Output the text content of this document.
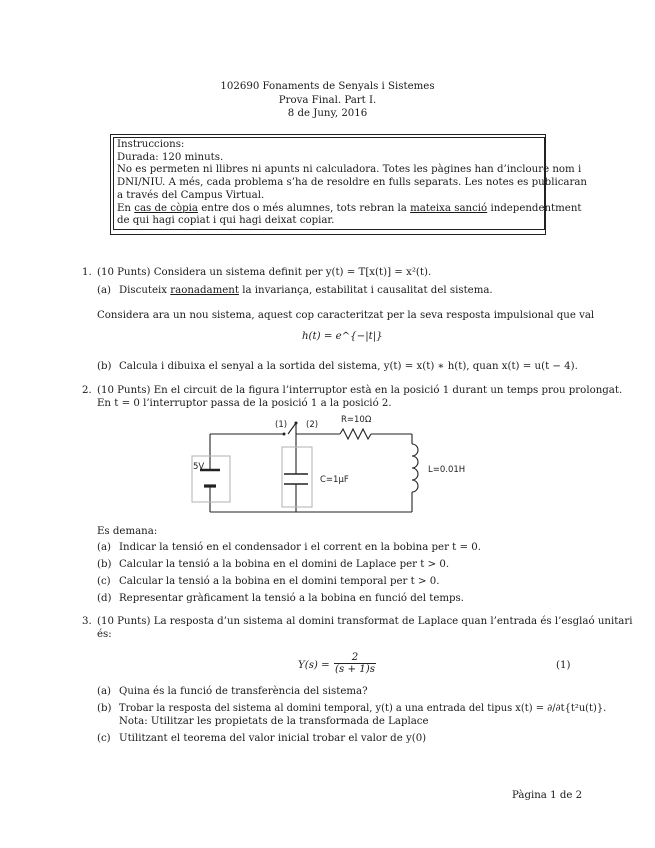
102690 Fonaments de Senyals i Sistemes
Prova Final. Part I.
8 de Juny, 2016
Instruccions:
Durada: 120 minuts.
No es permeten ni llibres ni apunts ni calculadora. Totes les pàgines han d’incloure nom i
DNI/NIU. A més, cada problema s’ha de resoldre en fulls separats. Les notes es publicaran
a través del Campus Virtual.
En cas de còpia entre dos o més alumnes, tots rebran la mateixa sanció independentment
de qui hagi copiat i qui hagi deixat copiar.
1. (10 Punts) Considera un sistema definit per y(t) = T[x(t)] = x²(t).
(a) Discuteix raonadament la invariança, estabilitat i causalitat del sistema.
Considera ara un nou sistema, aquest cop caracteritzat per la seva resposta impulsional que val
h(t) = e^{−|t|}
(b) Calcula i dibuixa el senyal a la sortida del sistema, y(t) = x(t) ∗ h(t), quan x(t) = u(t − 4).
2. (10 Punts) En el circuit de la figura l’interruptor està en la posició 1 durant un temps prou prolongat.
En t = 0 l’interruptor passa de la posició 1 a la posició 2.
(1) (2)	R=10Ω
5V
C=1μF
L=0.01H
Es demana:
(a) Indicar la tensió en el condensador i el corrent en la bobina per t = 0.
(b) Calcular la tensió a la bobina en el domini de Laplace per t > 0.
(c) Calcular la tensió a la bobina en el domini temporal per t > 0.
(d) Representar gràficament la tensió a la bobina en funció del temps.
3. (10 Punts) La resposta d’un sistema al domini transformat de Laplace quan l’entrada és l’esglaó unitari
és:
$Y(s) = \frac{2}{(s + 1)s}$	(1)
(a) Quina és la funció de transferència del sistema?
(b) Trobar la resposta del sistema al domini temporal, y(t) a una entrada del tipus x(t) = ∂/∂t{t²u(t)}.
Nota: Utilitzar les propietats de la transformada de Laplace
(c) Utilitzant el teorema del valor inicial trobar el valor de y(0)
Pàgina 1 de 2
